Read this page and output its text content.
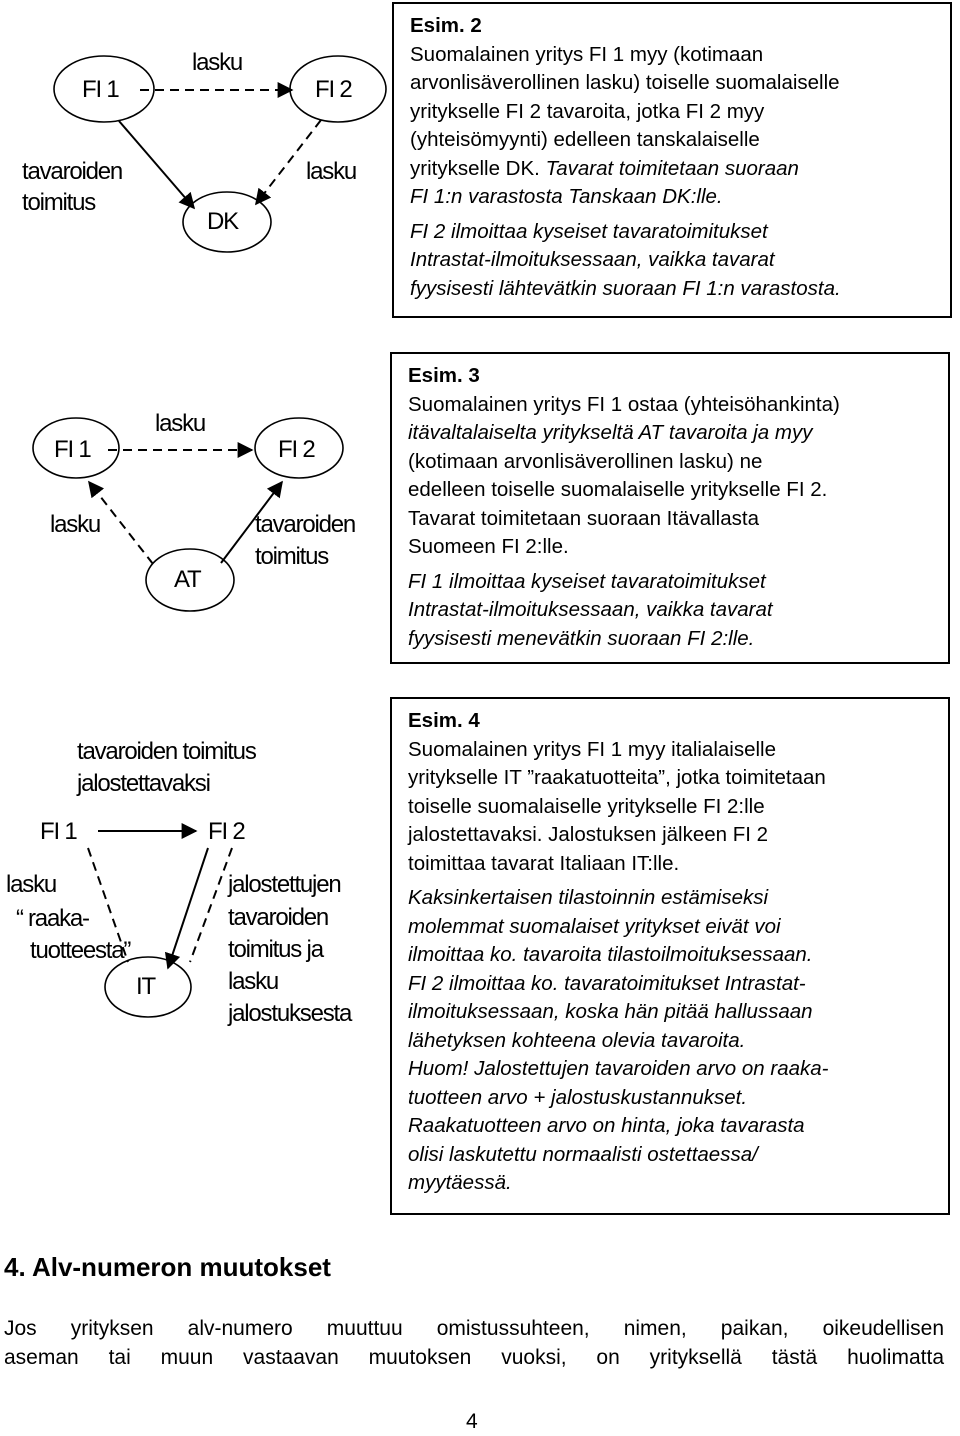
FI 1	FI 2
DK
lasku
lasku
tavaroiden
toimitus

Esim. 2

Suomalainen yritys FI 1 myy (kotimaan

arvonlisäverollinen lasku) toiselle suomalaiselle

yritykselle FI 2 tavaroita, jotka FI 2 myy

(yhteisömyynti) edelleen tanskalaiselle

yritykselle DK. Tavarat toimitetaan suoraan

FI 1:n varastosta Tanskaan DK:lle.

FI 2 ilmoittaa kyseiset tavaratoimitukset

Intrastat-ilmoituksessaan, vaikka tavarat

fyysisesti lähtevätkin suoraan FI 1:n varastosta.

FI 1	FI 2
AT
lasku
lasku	tavaroiden
toimitus

Esim. 3

Suomalainen yritys FI 1 ostaa (yhteisöhankinta)

itävaltalaiselta yritykseltä AT tavaroita ja myy

(kotimaan arvonlisäverollinen lasku) ne

edelleen toiselle suomalaiselle yritykselle FI 2.

Tavarat toimitetaan suoraan Itävallasta

Suomeen FI 2:lle.

FI 1 ilmoittaa kyseiset tavaratoimitukset

Intrastat-ilmoituksessaan, vaikka tavarat

fyysisesti menevätkin suoraan FI 2:lle.

tavaroiden toimitus
jalostettavaksi
FI 1	FI 2
IT
lasku
“ raaka-
tuotteesta”
jalostettujen
tavaroiden
toimitus ja
lasku
jalostuksesta

Esim. 4

Suomalainen yritys FI 1 myy italialaiselle

yritykselle IT ”raakatuotteita”, jotka toimitetaan

toiselle suomalaiselle yritykselle FI 2:lle

jalostettavaksi. Jalostuksen jälkeen FI 2

toimittaa tavarat Italiaan IT:lle.

Kaksinkertaisen tilastoinnin estämiseksi

molemmat suomalaiset yritykset eivät voi

ilmoittaa ko. tavaroita tilastoilmoituksessaan.

FI 2 ilmoittaa ko. tavaratoimitukset Intrastat-

ilmoituksessaan, koska hän pitää hallussaan

lähetyksen kohteena olevia tavaroita.

Huom! Jalostettujen tavaroiden arvo on raaka-

tuotteen arvo + jalostuskustannukset.

Raakatuotteen arvo on hinta, joka tavarasta

olisi laskutettu normaalisti ostettaessa/

myytäessä.

4. Alv-numeron muutokset
Jos yrityksen alv-numero muuttuu omistussuhteen, nimen, paikan, oikeudellisen
aseman tai muun vastaavan muutoksen vuoksi, on yrityksellä tästä huolimatta
4
